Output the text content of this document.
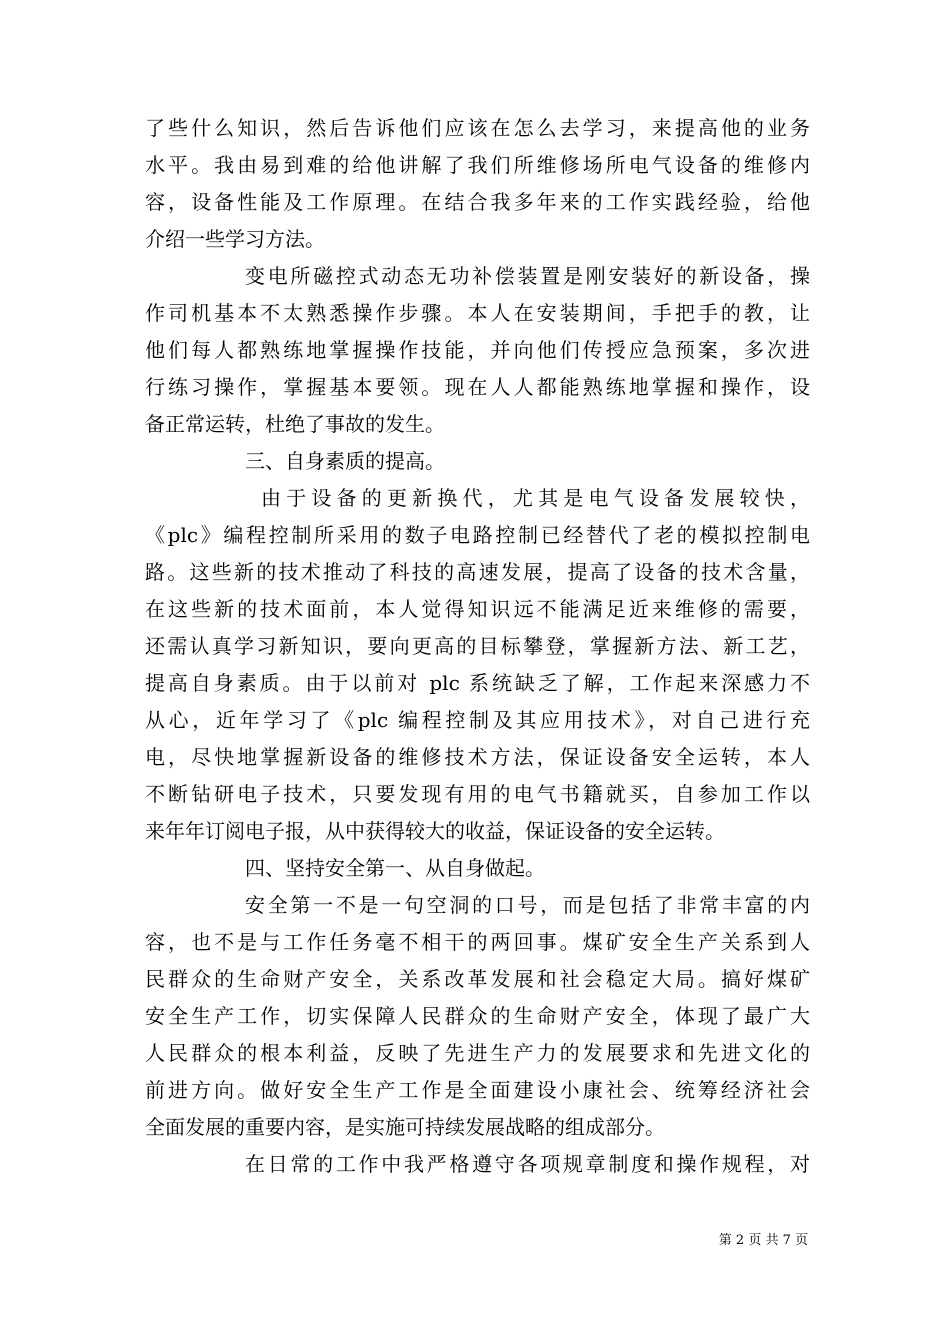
了些什么知识，然后告诉他们应该在怎么去学习，来提高他的业务
水平。我由易到难的给他讲解了我们所维修场所电气设备的维修内
容，设备性能及工作原理。在结合我多年来的工作实践经验，给他
介绍一些学习方法。
变电所磁控式动态无功补偿装置是刚安装好的新设备，操
作司机基本不太熟悉操作步骤。本人在安装期间，手把手的教，让
他们每人都熟练地掌握操作技能，并向他们传授应急预案，多次进
行练习操作，掌握基本要领。现在人人都能熟练地掌握和操作，设
备正常运转，杜绝了事故的发生。
三、自身素质的提高。
由于设备的更新换代，尤其是电气设备发展较快，
《plc》编程控制所采用的数子电路控制已经替代了老的模拟控制电
路。这些新的技术推动了科技的高速发展，提高了设备的技术含量，
在这些新的技术面前，本人觉得知识远不能满足近来维修的需要，
还需认真学习新知识，要向更高的目标攀登，掌握新方法、新工艺，
提高自身素质。由于以前对 plc 系统缺乏了解，工作起来深感力不
从心，近年学习了《plc 编程控制及其应用技术》，对自己进行充
电，尽快地掌握新设备的维修技术方法，保证设备安全运转，本人
不断钻研电子技术，只要发现有用的电气书籍就买，自参加工作以
来年年订阅电子报，从中获得较大的收益，保证设备的安全运转。
四、坚持安全第一、从自身做起。
安全第一不是一句空洞的口号，而是包括了非常丰富的内
容，也不是与工作任务毫不相干的两回事。煤矿安全生产关系到人
民群众的生命财产安全，关系改革发展和社会稳定大局。搞好煤矿
安全生产工作，切实保障人民群众的生命财产安全，体现了最广大
人民群众的根本利益，反映了先进生产力的发展要求和先进文化的
前进方向。做好安全生产工作是全面建设小康社会、统筹经济社会
全面发展的重要内容，是实施可持续发展战略的组成部分。
在日常的工作中我严格遵守各项规章制度和操作规程，对
第 2 页 共 7 页
